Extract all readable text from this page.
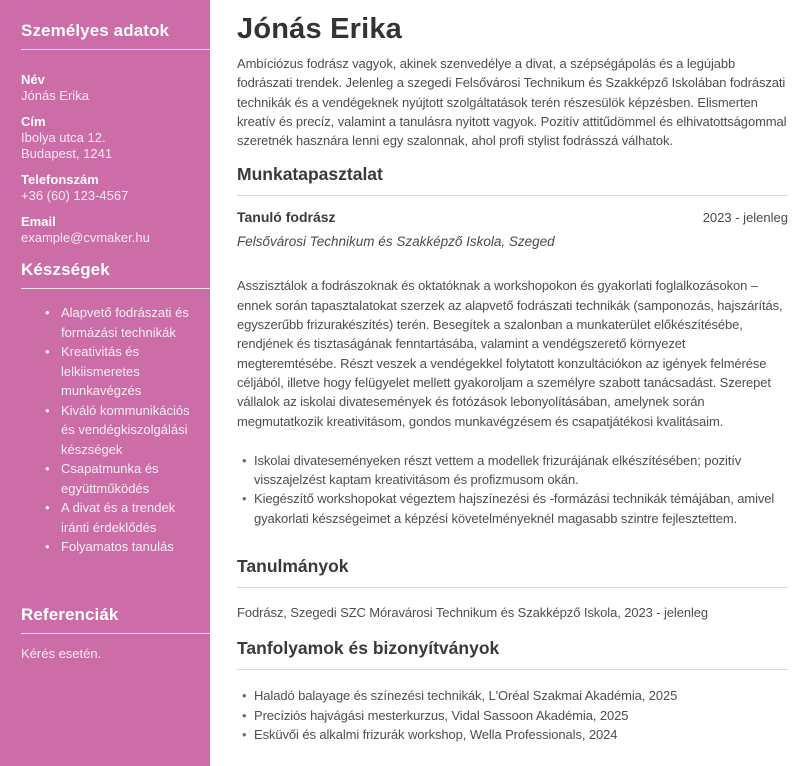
Személyes adatok
Név
Jónás Erika
Cím
Ibolya utca 12.
Budapest, 1241
Telefonszám
+36 (60) 123-4567
Email
example@cvmaker.hu
Készségek
• Alapvető fodrászati és formázási technikák
• Kreativitás és lelkiismeretes munkavégzés
• Kiváló kommunikációs és vendégkiszolgálási készségek
• Csapatmunka és együttműködés
• A divat és a trendek iránti érdeklődés
• Folyamatos tanulás
Referenciák
Kérés esetén.
Jónás Erika

Ambíciózus fodrász vagyok, akinek szenvedélye a divat, a szépségápolás és a legújabb fodrászati trendek. Jelenleg a szegedi Felsővárosi Technikum és Szakképző Iskolában fodrászati technikák és a vendégeknek nyújtott szolgáltatások terén részesülök képzésben. Elismerten kreatív és precíz, valamint a tanulásra nyitott vagyok. Pozitív attitűdömmel és elhivatottságommal szeretnék hasznára lenni egy szalonnak, ahol profi stylist fodrásszá válhatok.

Munkatapasztalat
Tanuló fodrász	2023 - jelenleg
Felsővárosi Technikum és Szakképző Iskola, Szeged

Asszisztálok a fodrászoknak és oktatóknak a workshopokon és gyakorlati foglalkozásokon – ennek során tapasztalatokat szerzek az alapvető fodrászati technikák (samponozás, hajszárítás, egyszerűbb frizurakészítés) terén. Besegítek a szalonban a munkaterület előkészítésébe, rendjének és tisztaságának fenntartásába, valamint a vendégszerető környezet megteremtésébe. Részt veszek a vendégekkel folytatott konzultációkon az igények felmérése céljából, illetve hogy felügyelet mellett gyakoroljam a személyre szabott tanácsadást. Szerepet vállalok az iskolai divatesemények és fotózások lebonyolításában, amelynek során megmutatkozik kreativitásom, gondos munkavégzésem és csapatjátékosi kvalitásaim.

• Iskolai divateseményeken részt vettem a modellek frizurájának elkészítésében; pozitív visszajelzést kaptam kreativitásom és profizmusom okán.
• Kiegészítő workshopokat végeztem hajszínezési és -formázási technikák témájában, amivel gyakorlati készségeimet a képzési követelményeknél magasabb szintre fejlesztettem.
Tanulmányok

Fodrász, Szegedi SZC Móravárosi Technikum és Szakképző Iskola, 2023 - jelenleg

Tanfolyamok és bizonyítványok
• Haladó balayage és színezési technikák, L'Oréal Szakmai Akadémia, 2025
• Precíziós hajvágási mesterkurzus, Vidal Sassoon Akadémia, 2025
• Esküvői és alkalmi frizurák workshop, Wella Professionals, 2024
